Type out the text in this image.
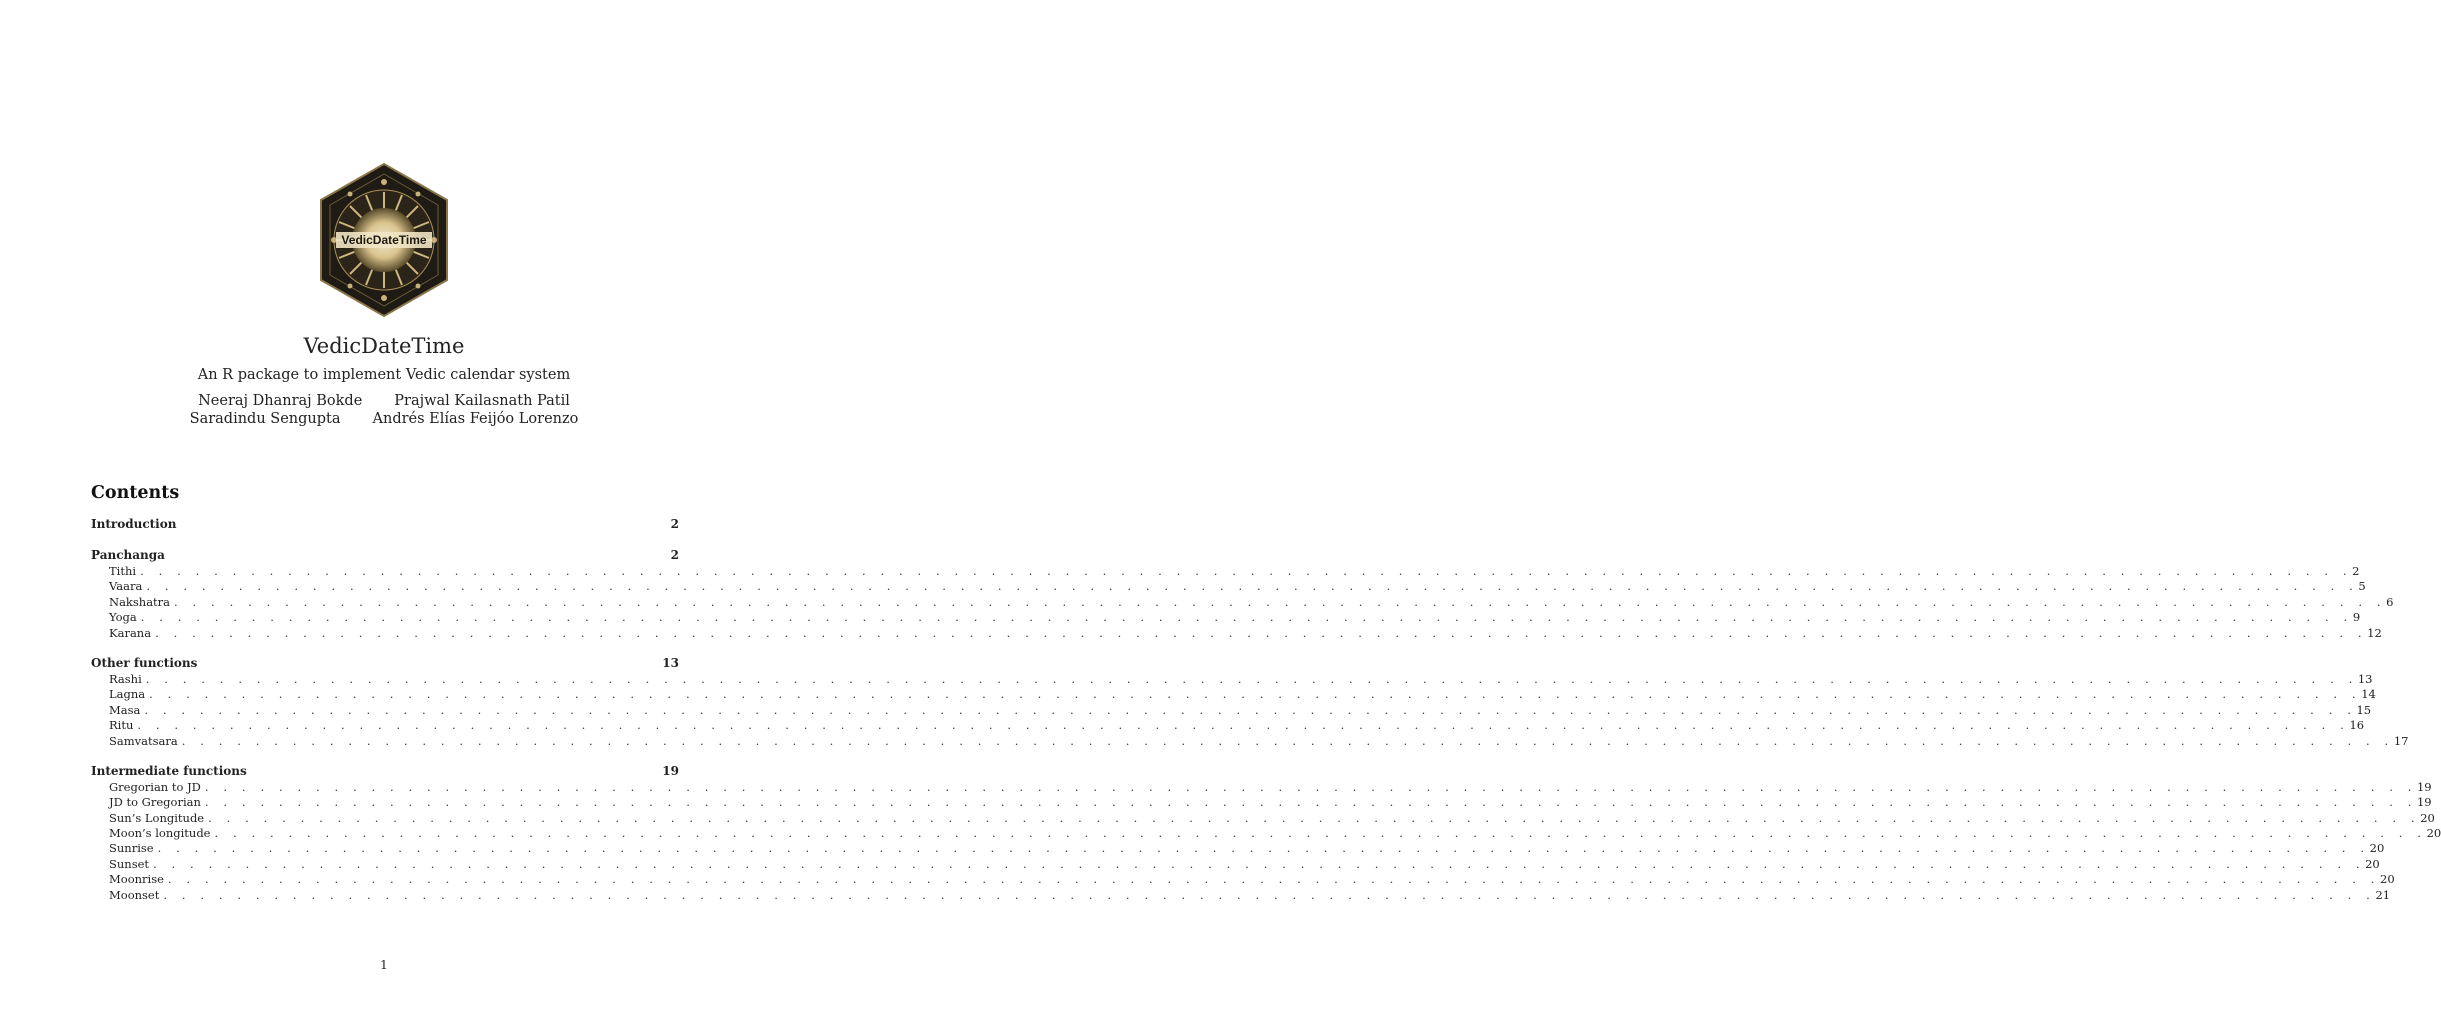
VedicDateTime
VedicDateTime
An R package to implement Vedic calendar system
Neeraj Dhanraj Bokde Prajwal Kailasnath Patil
Saradindu Sengupta Andrés Elías Feijóo Lorenzo
Contents
Introduction	2
Panchanga	2
Tithi . . . . . . . . . . . . . . . . . . . . . . . . . . . . . . . . . . . . . . . . . . . . . . . . . . . . . . . . . . . . . . . . . . . . . . . . . . . . . . . . . . . . . . . . . . . . . . . . . . . . . . . . . . . . . . . . . . . . . . . . 2
Vaara . . . . . . . . . . . . . . . . . . . . . . . . . . . . . . . . . . . . . . . . . . . . . . . . . . . . . . . . . . . . . . . . . . . . . . . . . . . . . . . . . . . . . . . . . . . . . . . . . . . . . . . . . . . . . . . . . . . . . . . . 5
Nakshatra . . . . . . . . . . . . . . . . . . . . . . . . . . . . . . . . . . . . . . . . . . . . . . . . . . . . . . . . . . . . . . . . . . . . . . . . . . . . . . . . . . . . . . . . . . . . . . . . . . . . . . . . . . . . . . . . . . . . . . . . 6
Yoga . . . . . . . . . . . . . . . . . . . . . . . . . . . . . . . . . . . . . . . . . . . . . . . . . . . . . . . . . . . . . . . . . . . . . . . . . . . . . . . . . . . . . . . . . . . . . . . . . . . . . . . . . . . . . . . . . . . . . . . . 9
Karana . . . . . . . . . . . . . . . . . . . . . . . . . . . . . . . . . . . . . . . . . . . . . . . . . . . . . . . . . . . . . . . . . . . . . . . . . . . . . . . . . . . . . . . . . . . . . . . . . . . . . . . . . . . . . . . . . . . . . . . . 12
Other functions	13
Rashi . . . . . . . . . . . . . . . . . . . . . . . . . . . . . . . . . . . . . . . . . . . . . . . . . . . . . . . . . . . . . . . . . . . . . . . . . . . . . . . . . . . . . . . . . . . . . . . . . . . . . . . . . . . . . . . . . . . . . . . . 13
Lagna . . . . . . . . . . . . . . . . . . . . . . . . . . . . . . . . . . . . . . . . . . . . . . . . . . . . . . . . . . . . . . . . . . . . . . . . . . . . . . . . . . . . . . . . . . . . . . . . . . . . . . . . . . . . . . . . . . . . . . . . 14
Masa . . . . . . . . . . . . . . . . . . . . . . . . . . . . . . . . . . . . . . . . . . . . . . . . . . . . . . . . . . . . . . . . . . . . . . . . . . . . . . . . . . . . . . . . . . . . . . . . . . . . . . . . . . . . . . . . . . . . . . . . 15
Ritu . . . . . . . . . . . . . . . . . . . . . . . . . . . . . . . . . . . . . . . . . . . . . . . . . . . . . . . . . . . . . . . . . . . . . . . . . . . . . . . . . . . . . . . . . . . . . . . . . . . . . . . . . . . . . . . . . . . . . . . . 16
Samvatsara . . . . . . . . . . . . . . . . . . . . . . . . . . . . . . . . . . . . . . . . . . . . . . . . . . . . . . . . . . . . . . . . . . . . . . . . . . . . . . . . . . . . . . . . . . . . . . . . . . . . . . . . . . . . . . . . . . . . . . . . 17
Intermediate functions	19
Gregorian to JD . . . . . . . . . . . . . . . . . . . . . . . . . . . . . . . . . . . . . . . . . . . . . . . . . . . . . . . . . . . . . . . . . . . . . . . . . . . . . . . . . . . . . . . . . . . . . . . . . . . . . . . . . . . . . . . . . . . . . . . . 19
JD to Gregorian . . . . . . . . . . . . . . . . . . . . . . . . . . . . . . . . . . . . . . . . . . . . . . . . . . . . . . . . . . . . . . . . . . . . . . . . . . . . . . . . . . . . . . . . . . . . . . . . . . . . . . . . . . . . . . . . . . . . . . . . 19
Sun’s Longitude . . . . . . . . . . . . . . . . . . . . . . . . . . . . . . . . . . . . . . . . . . . . . . . . . . . . . . . . . . . . . . . . . . . . . . . . . . . . . . . . . . . . . . . . . . . . . . . . . . . . . . . . . . . . . . . . . . . . . . . . 20
Moon’s longitude . . . . . . . . . . . . . . . . . . . . . . . . . . . . . . . . . . . . . . . . . . . . . . . . . . . . . . . . . . . . . . . . . . . . . . . . . . . . . . . . . . . . . . . . . . . . . . . . . . . . . . . . . . . . . . . . . . . . . . . . 20
Sunrise . . . . . . . . . . . . . . . . . . . . . . . . . . . . . . . . . . . . . . . . . . . . . . . . . . . . . . . . . . . . . . . . . . . . . . . . . . . . . . . . . . . . . . . . . . . . . . . . . . . . . . . . . . . . . . . . . . . . . . . . 20
Sunset . . . . . . . . . . . . . . . . . . . . . . . . . . . . . . . . . . . . . . . . . . . . . . . . . . . . . . . . . . . . . . . . . . . . . . . . . . . . . . . . . . . . . . . . . . . . . . . . . . . . . . . . . . . . . . . . . . . . . . . . 20
Moonrise . . . . . . . . . . . . . . . . . . . . . . . . . . . . . . . . . . . . . . . . . . . . . . . . . . . . . . . . . . . . . . . . . . . . . . . . . . . . . . . . . . . . . . . . . . . . . . . . . . . . . . . . . . . . . . . . . . . . . . . . 20
Moonset . . . . . . . . . . . . . . . . . . . . . . . . . . . . . . . . . . . . . . . . . . . . . . . . . . . . . . . . . . . . . . . . . . . . . . . . . . . . . . . . . . . . . . . . . . . . . . . . . . . . . . . . . . . . . . . . . . . . . . . . 21
1
